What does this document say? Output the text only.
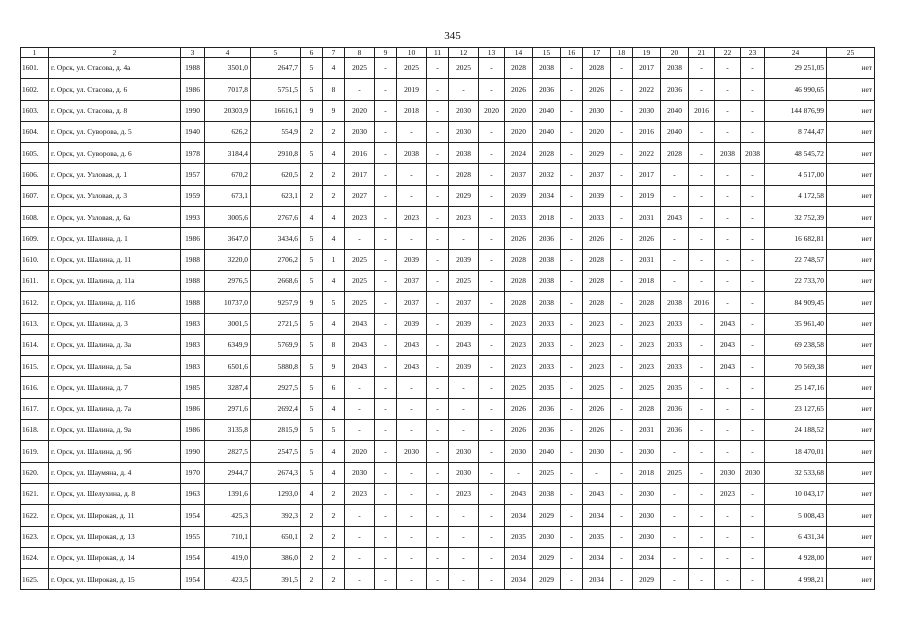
345
1	2	3	4	5	6	7	8	9	10	11	12	13	14	15	16	17	18	19	20	21	22	23	24	25
1601.	г. Орск, ул. Стасова, д. 4а	1988	3501,0	2647,7	5	4	2025	-	2025	-	2025	-	2028	2038	-	2028	-	2017	2038	-	-	-	29 251,05	нет
1602.	г. Орск, ул. Стасова, д. 6	1986	7017,8	5751,5	5	8	-	-	2019	-	-	-	2026	2036	-	2026	-	2022	2036	-	-	-	46 990,65	нет
1603.	г. Орск, ул. Стасова, д. 8	1990	20303,9	16616,1	9	9	2020	-	2018	-	2030	2020	2020	2040	-	2030	-	2030	2040	2016	-	-	144 876,99	нет
1604.	г. Орск, ул. Суворова, д. 5	1940	626,2	554,9	2	2	2030	-	-	-	2030	-	2020	2040	-	2020	-	2016	2040	-	-	-	8 744,47	нет
1605.	г. Орск, ул. Суворова, д. 6	1978	3184,4	2910,8	5	4	2016	-	2038	-	2038	-	2024	2028	-	2029	-	2022	2028	-	2038	2038	48 545,72	нет
1606.	г. Орск, ул. Узловая, д. 1	1957	670,2	620,5	2	2	2017	-	-	-	2028	-	2037	2032	-	2037	-	2017	-	-	-	-	4 517,00	нет
1607.	г. Орск, ул. Узловая, д. 3	1959	673,1	623,1	2	2	2027	-	-	-	2029	-	2039	2034	-	2039	-	2019	-	-	-	-	4 172,58	нет
1608.	г. Орск, ул. Узловая, д. 6а	1993	3005,6	2767,6	4	4	2023	-	2023	-	2023	-	2033	2018	-	2033	-	2031	2043	-	-	-	32 752,39	нет
1609.	г. Орск, ул. Шалина, д. 1	1986	3647,0	3434,6	5	4	-	-	-	-	-	-	2026	2036	-	2026	-	2026	-	-	-	-	16 682,81	нет
1610.	г. Орск, ул. Шалина, д. 11	1988	3220,0	2706,2	5	1	2025	-	2039	-	2039	-	2028	2038	-	2028	-	2031	-	-	-	-	22 748,57	нет
1611.	г. Орск, ул. Шалина, д. 11а	1988	2976,5	2668,6	5	4	2025	-	2037	-	2025	-	2028	2038	-	2028	-	2018	-	-	-	-	22 733,70	нет
1612.	г. Орск, ул. Шалина, д. 11б	1988	10737,0	9257,9	9	5	2025	-	2037	-	2037	-	2028	2038	-	2028	-	2028	2038	2016	-	-	84 909,45	нет
1613.	г. Орск, ул. Шалина, д. 3	1983	3001,5	2721,5	5	4	2043	-	2039	-	2039	-	2023	2033	-	2023	-	2023	2033	-	2043	-	35 961,40	нет
1614.	г. Орск, ул. Шалина, д. 3а	1983	6349,9	5769,9	5	8	2043	-	2043	-	2043	-	2023	2033	-	2023	-	2023	2033	-	2043	-	69 238,58	нет
1615.	г. Орск, ул. Шалина, д. 5а	1983	6501,6	5880,8	5	9	2043	-	2043	-	2039	-	2023	2033	-	2023	-	2023	2033	-	2043	-	70 569,38	нет
1616.	г. Орск, ул. Шалина, д. 7	1985	3287,4	2927,5	5	6	-	-	-	-	-	-	2025	2035	-	2025	-	2025	2035	-	-	-	25 147,16	нет
1617.	г. Орск, ул. Шалина, д. 7а	1986	2971,6	2692,4	5	4	-	-	-	-	-	-	2026	2036	-	2026	-	2028	2036	-	-	-	23 127,65	нет
1618.	г. Орск, ул. Шалина, д. 9а	1986	3135,8	2815,9	5	5	-	-	-	-	-	-	2026	2036	-	2026	-	2031	2036	-	-	-	24 188,52	нет
1619.	г. Орск, ул. Шалина, д. 9б	1990	2827,5	2547,5	5	4	2020	-	2030	-	2030	-	2030	2040	-	2030	-	2030	-	-	-	-	18 470,01	нет
1620.	г. Орск, ул. Шаумяна, д. 4	1970	2944,7	2674,3	5	4	2030	-	-	-	2030	-	-	2025	-	-	-	2018	2025	-	2030	2030	32 533,68	нет
1621.	г. Орск, ул. Шелухина, д. 8	1963	1391,6	1293,0	4	2	2023	-	-	-	2023	-	2043	2038	-	2043	-	2030	-	-	2023	-	10 043,17	нет
1622.	г. Орск, ул. Широкая, д. 11	1954	425,3	392,3	2	2	-	-	-	-	-	-	2034	2029	-	2034	-	2030	-	-	-	-	5 008,43	нет
1623.	г. Орск, ул. Широкая, д. 13	1955	710,1	650,1	2	2	-	-	-	-	-	-	2035	2030	-	2035	-	2030	-	-	-	-	6 431,34	нет
1624.	г. Орск, ул. Широкая, д. 14	1954	419,0	386,0	2	2	-	-	-	-	-	-	2034	2029	-	2034	-	2034	-	-	-	-	4 928,00	нет
1625.	г. Орск, ул. Широкая, д. 15	1954	423,5	391,5	2	2	-	-	-	-	-	-	2034	2029	-	2034	-	2029	-	-	-	-	4 998,21	нет
